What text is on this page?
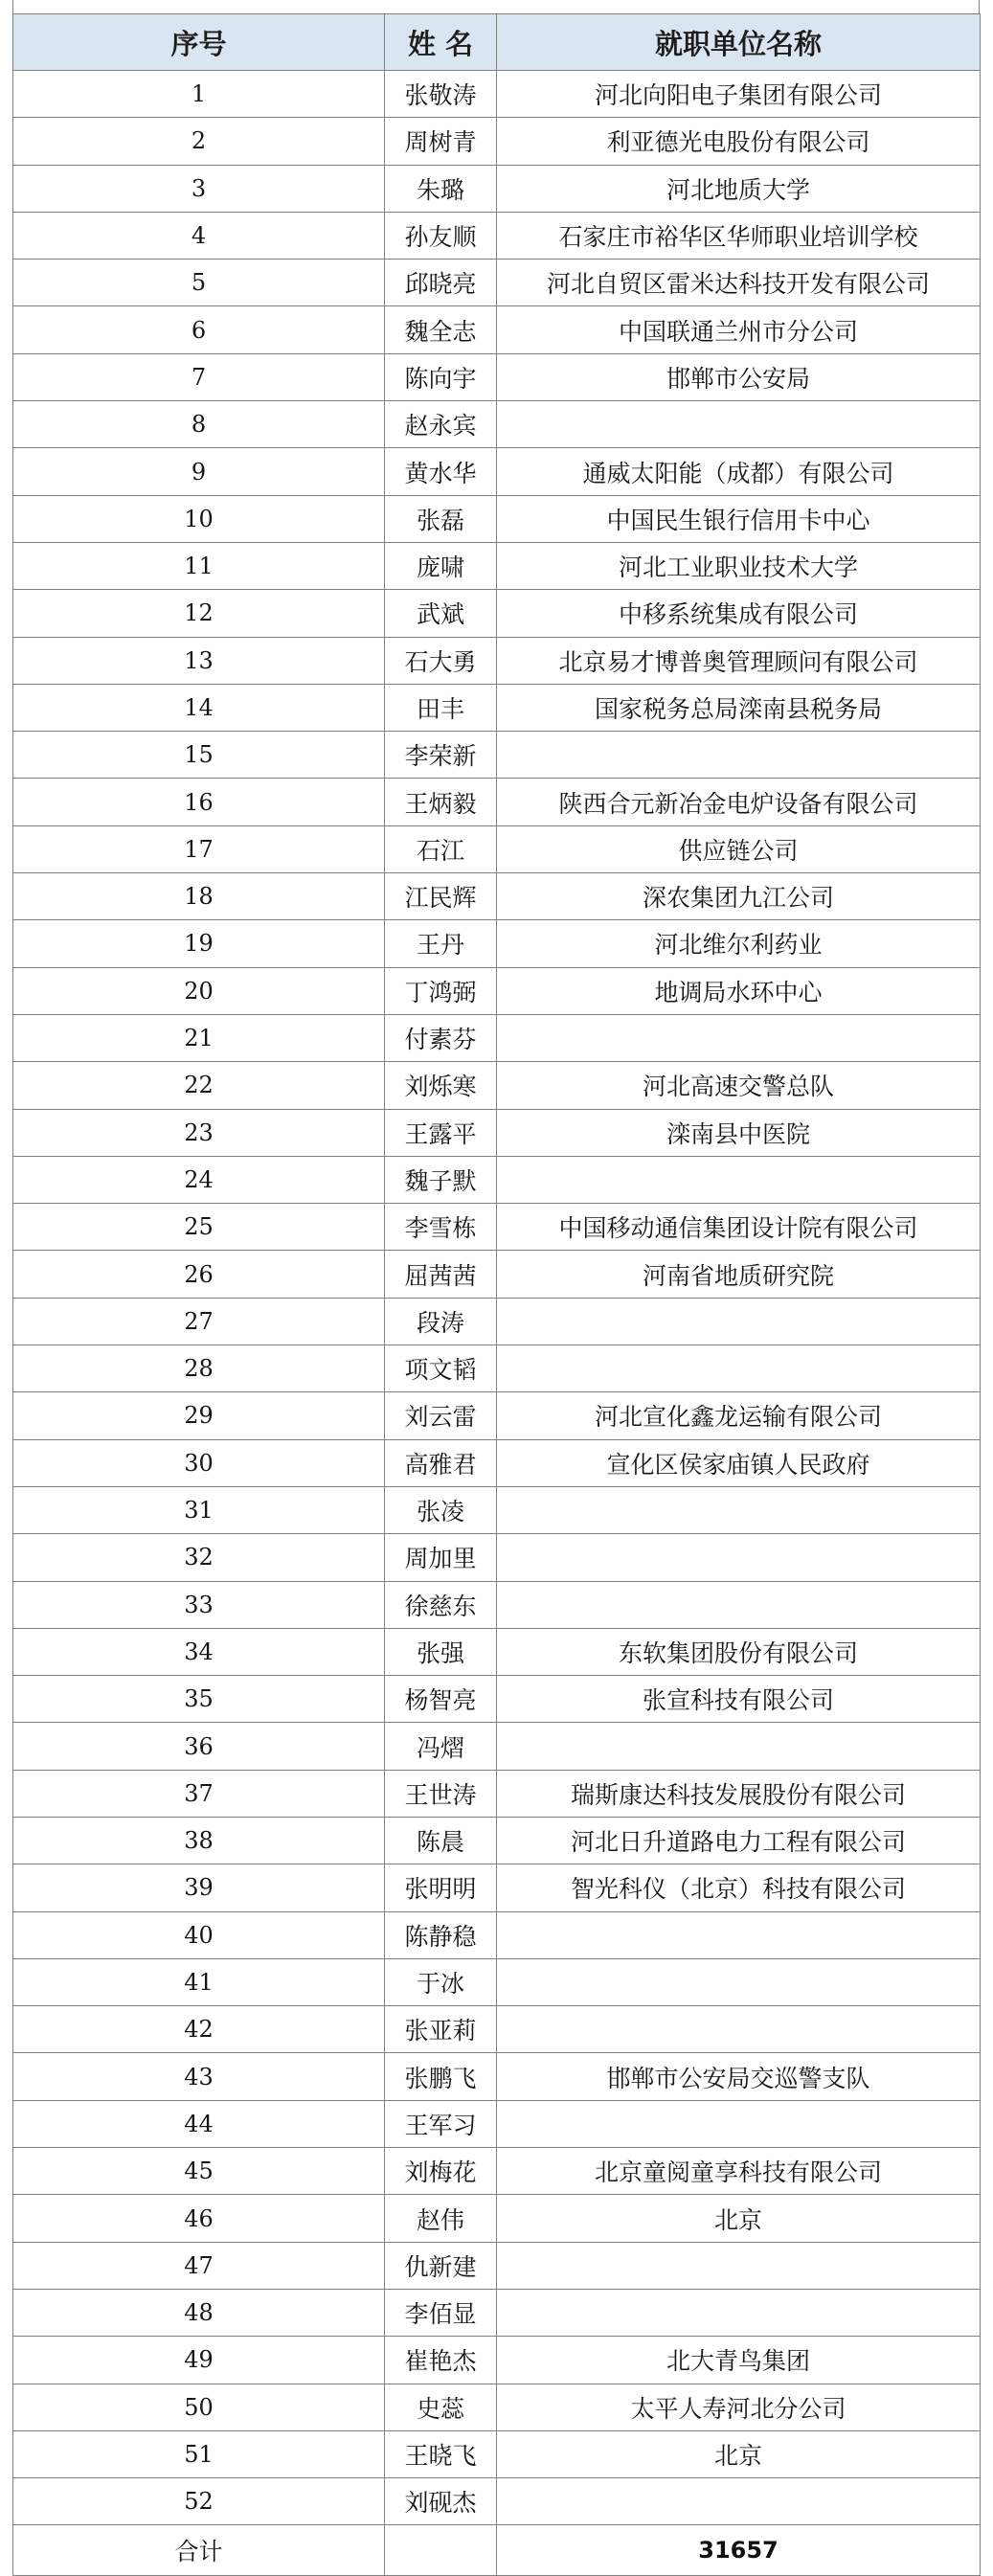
序号	姓 名	就职单位名称
1	张敬涛	河北向阳电子集团有限公司
2	周树青	利亚德光电股份有限公司
3	朱璐	河北地质大学
4	孙友顺	石家庄市裕华区华师职业培训学校
5	邱晓亮	河北自贸区雷米达科技开发有限公司
6	魏全志	中国联通兰州市分公司
7	陈向宇	邯郸市公安局
8	赵永宾	
9	黄水华	通威太阳能（成都）有限公司
10	张磊	中国民生银行信用卡中心
11	庞啸	河北工业职业技术大学
12	武斌	中移系统集成有限公司
13	石大勇	北京易才博普奥管理顾问有限公司
14	田丰	国家税务总局滦南县税务局
15	李荣新	
16	王炳毅	陕西合元新冶金电炉设备有限公司
17	石江	供应链公司
18	江民辉	深农集团九江公司
19	王丹	河北维尔利药业
20	丁鸿弼	地调局水环中心
21	付素芬	
22	刘烁寒	河北高速交警总队
23	王露平	滦南县中医院
24	魏子默	
25	李雪栋	中国移动通信集团设计院有限公司
26	屈茜茜	河南省地质研究院
27	段涛	
28	项文韬	
29	刘云雷	河北宣化鑫龙运输有限公司
30	高雅君	宣化区侯家庙镇人民政府
31	张凌	
32	周加里	
33	徐慈东	
34	张强	东软集团股份有限公司
35	杨智亮	张宣科技有限公司
36	冯熠	
37	王世涛	瑞斯康达科技发展股份有限公司
38	陈晨	河北日升道路电力工程有限公司
39	张明明	智光科仪（北京）科技有限公司
40	陈静稳	
41	于冰	
42	张亚莉	
43	张鹏飞	邯郸市公安局交巡警支队
44	王军习	
45	刘梅花	北京童阅童享科技有限公司
46	赵伟	北京
47	仇新建	
48	李佰显	
49	崔艳杰	北大青鸟集团
50	史蕊	太平人寿河北分公司
51	王晓飞	北京
52	刘砚杰	
合计		31657
